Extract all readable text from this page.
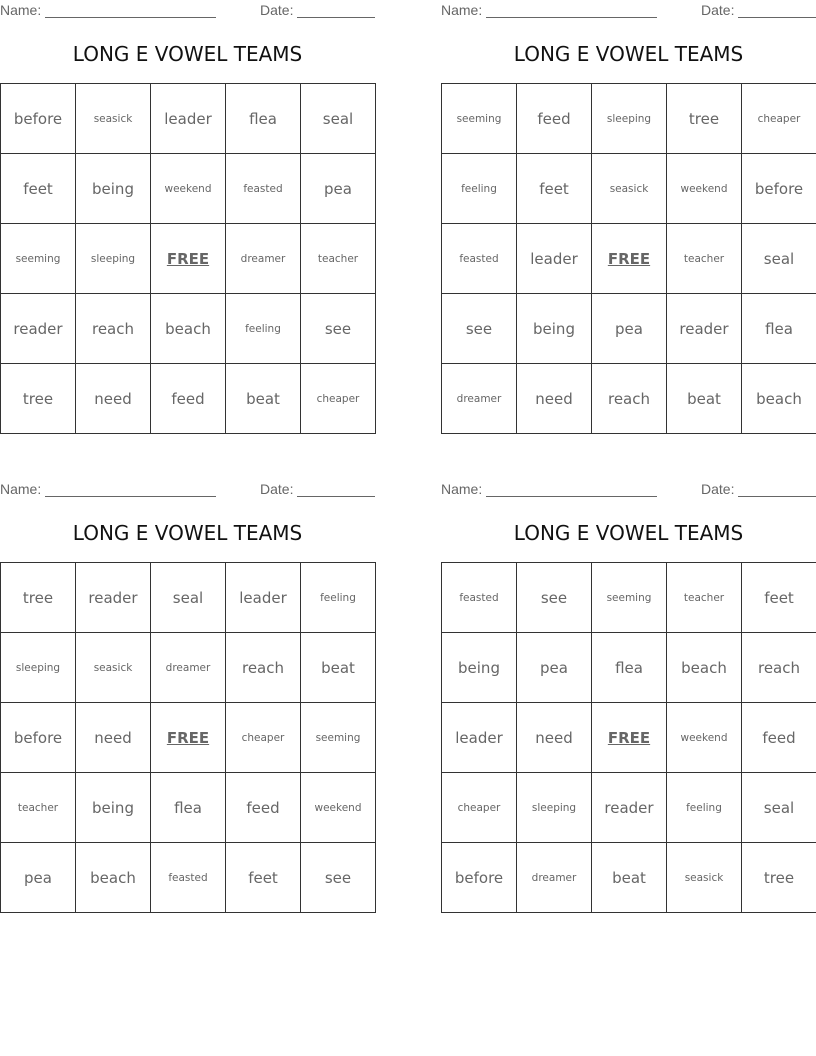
Name:	Date:
LONG E VOWEL TEAMS
before	seasick	leader	flea	seal
feet	being	weekend	feasted	pea
seeming	sleeping	FREE	dreamer	teacher
reader	reach	beach	feeling	see
tree	need	feed	beat	cheaper
Name:	Date:
LONG E VOWEL TEAMS
seeming	feed	sleeping	tree	cheaper
feeling	feet	seasick	weekend	before
feasted	leader	FREE	teacher	seal
see	being	pea	reader	flea
dreamer	need	reach	beat	beach
Name:	Date:
LONG E VOWEL TEAMS
tree	reader	seal	leader	feeling
sleeping	seasick	dreamer	reach	beat
before	need	FREE	cheaper	seeming
teacher	being	flea	feed	weekend
pea	beach	feasted	feet	see
Name:	Date:
LONG E VOWEL TEAMS
feasted	see	seeming	teacher	feet
being	pea	flea	beach	reach
leader	need	FREE	weekend	feed
cheaper	sleeping	reader	feeling	seal
before	dreamer	beat	seasick	tree
